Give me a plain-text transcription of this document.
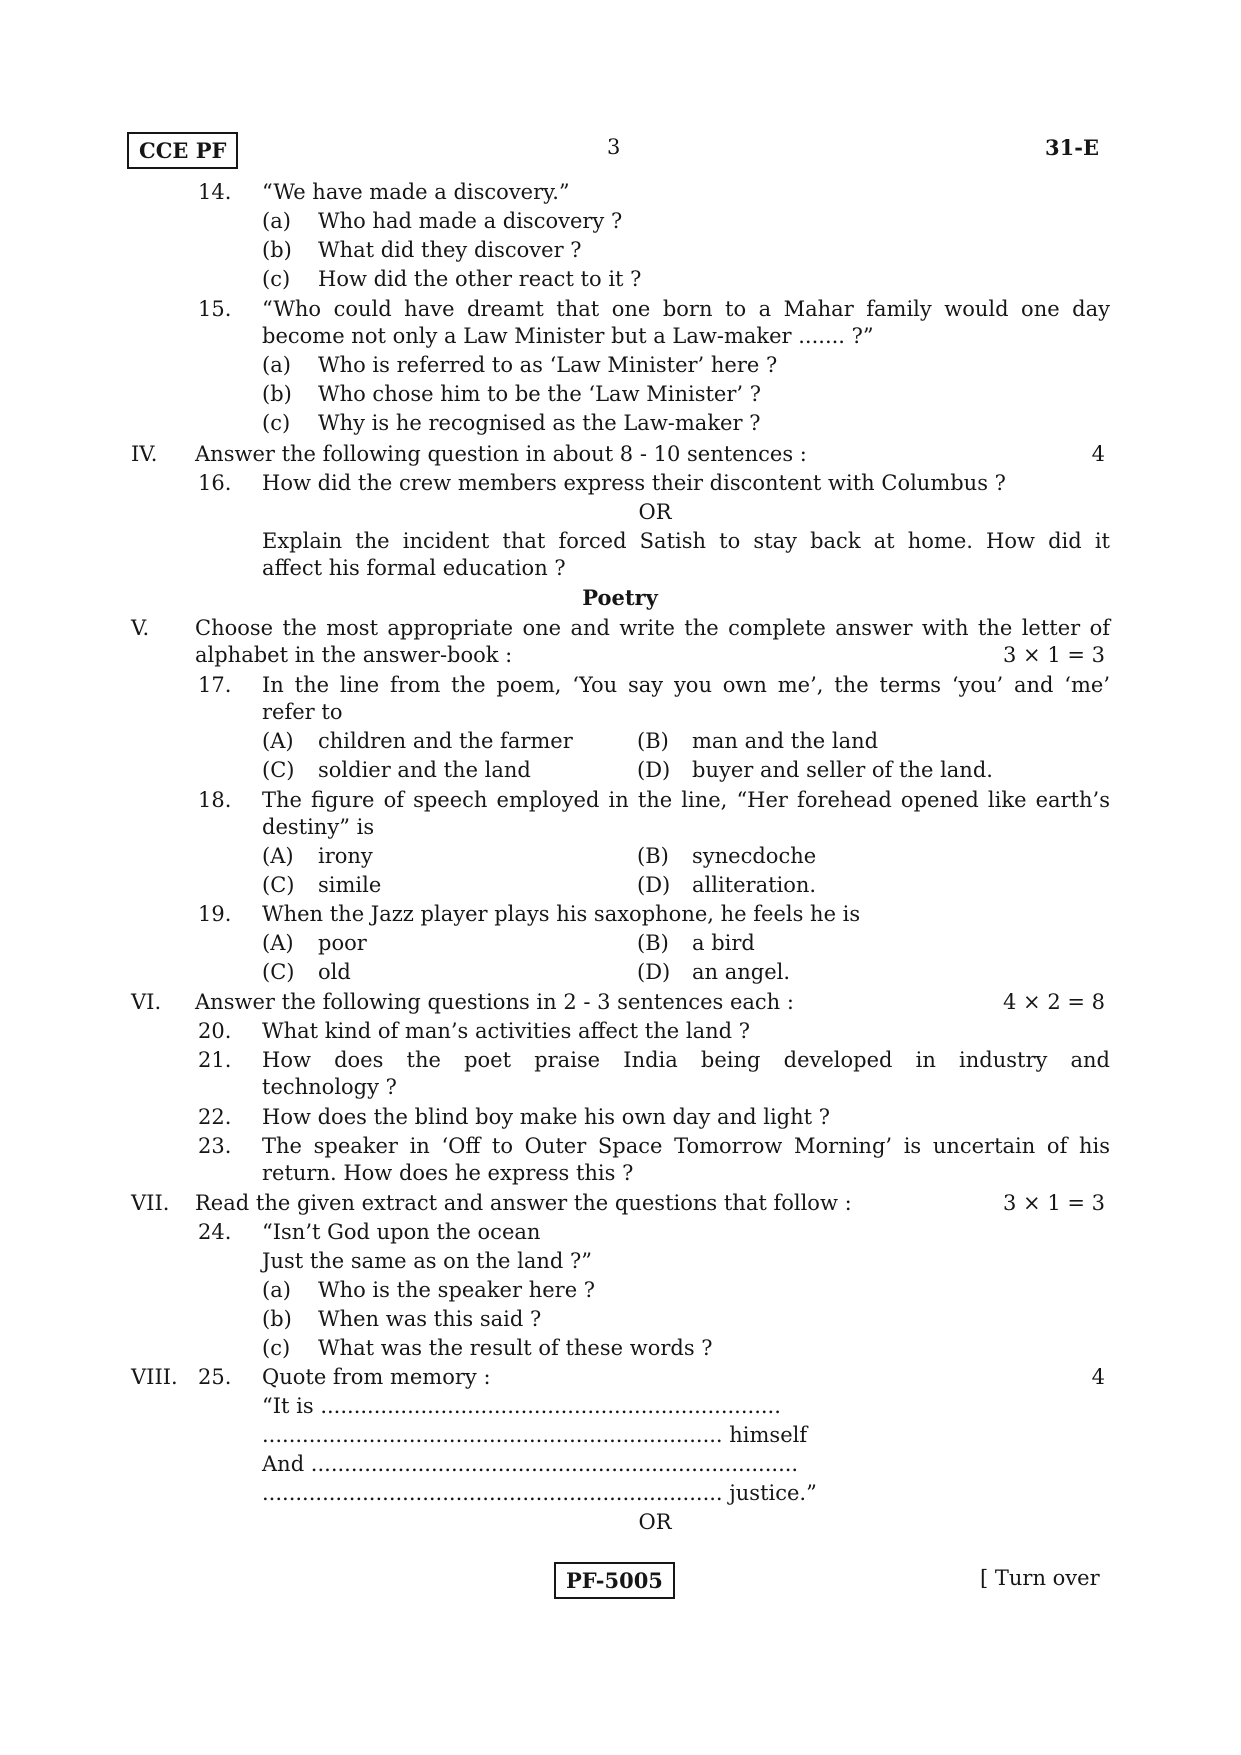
CCE PF	3	31-E
14. “We have made a discovery.”
(a) Who had made a discovery ?
(b) What did they discover ?
(c) How did the other react to it ?
15. “Who could have dreamt that one born to a Mahar family would one day
become not only a Law Minister but a Law-maker ....... ?”
(a) Who is referred to as ‘Law Minister’ here ?
(b) Who chose him to be the ‘Law Minister’ ?
(c) Why is he recognised as the Law-maker ?
IV. Answer the following question in about 8 - 10 sentences :	4
16. How did the crew members express their discontent with Columbus ?
OR
Explain the incident that forced Satish to stay back at home. How did it
affect his formal education ?
Poetry
V. Choose the most appropriate one and write the complete answer with the letter of
alphabet in the answer-book :	3 × 1 = 3
17. In the line from the poem, ‘You say you own me’, the terms ‘you’ and ‘me’
refer to
(A) children and the farmer	(B) man and the land
(C) soldier and the land	(D) buyer and seller of the land.
18. The figure of speech employed in the line, “Her forehead opened like earth’s
destiny” is
(A) irony	(B) synecdoche
(C) simile	(D) alliteration.
19. When the Jazz player plays his saxophone, he feels he is
(A) poor	(B) a bird
(C) old	(D) an angel.
VI. Answer the following questions in 2 - 3 sentences each :	4 × 2 = 8
20. What kind of man’s activities affect the land ?
21. How does the poet praise India being developed in industry and
technology ?
22. How does the blind boy make his own day and light ?
23. The speaker in ‘Off to Outer Space Tomorrow Morning’ is uncertain of his
return. How does he express this ?
VII. Read the given extract and answer the questions that follow :	3 × 1 = 3
24. “Isn’t God upon the ocean
Just the same as on the land ?”
(a) Who is the speaker here ?
(b) When was this said ?
(c) What was the result of these words ?
VIII. 25. Quote from memory :	4
“It is .....................................................................
..................................................................... himself
And .........................................................................
..................................................................... justice.”
OR
PF-5005	[ Turn over
